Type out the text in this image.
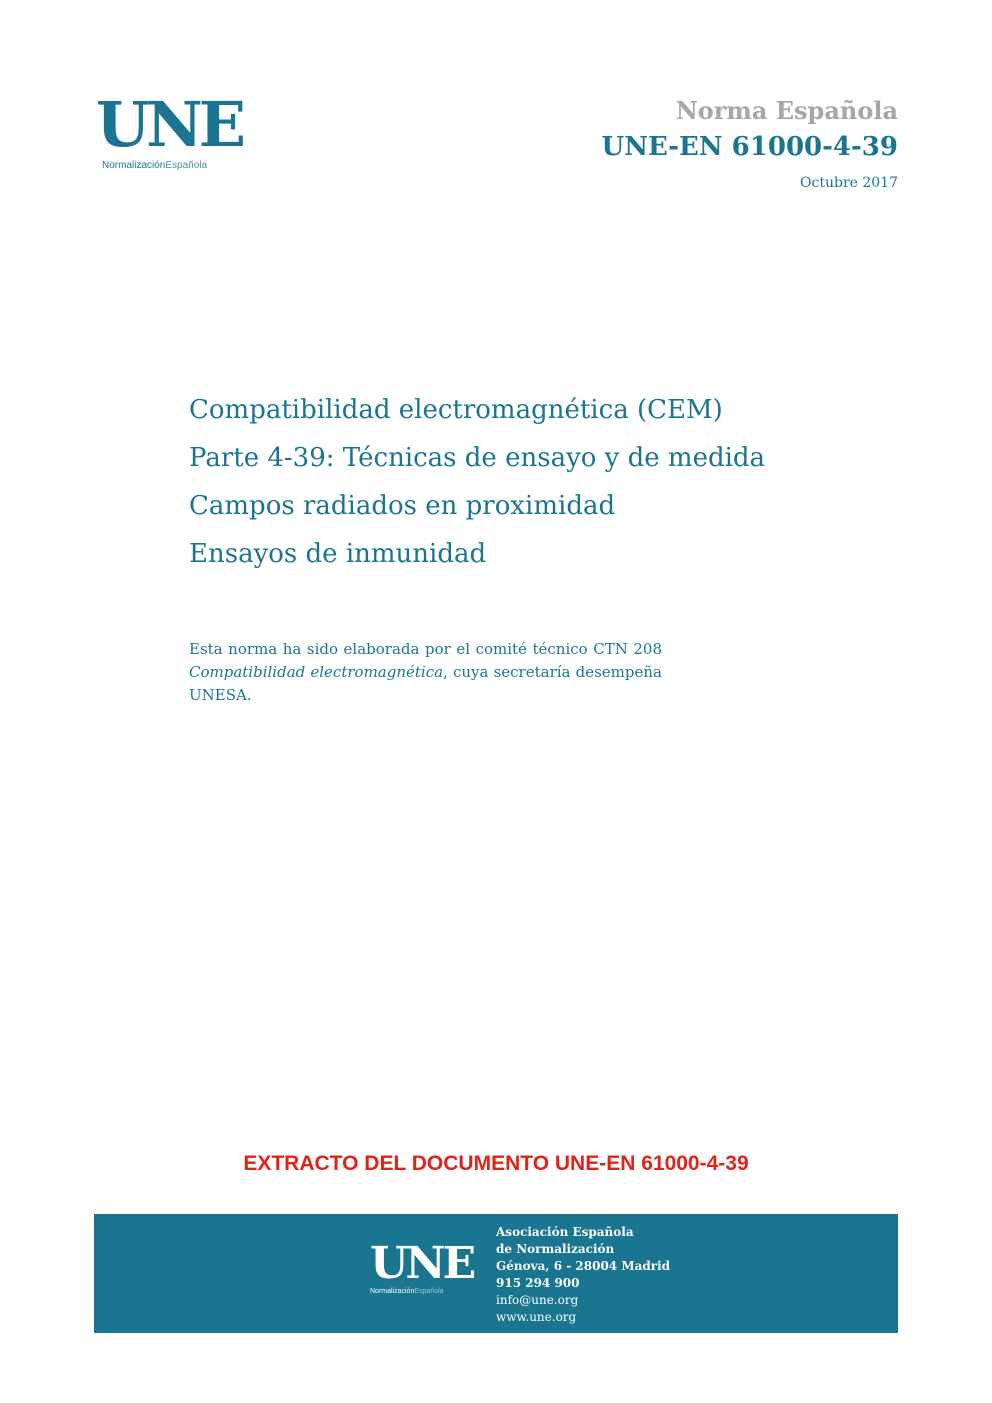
UNE
NormalizaciónEspañola
Norma Española
UNE-EN 61000-4-39
Octubre 2017
Compatibilidad electromagnética (CEM)
Parte 4-39: Técnicas de ensayo y de medida
Campos radiados en proximidad
Ensayos de inmunidad
Esta norma ha sido elaborada por el comité técnico CTN 208 Compatibilidad electromagnética, cuya secretaría desempeña UNESA.
EXTRACTO DEL DOCUMENTO UNE-EN 61000-4-39
UNE
NormalizaciónEspañola
Asociación Española
de Normalización
Génova, 6 - 28004 Madrid
915 294 900
info@une.org
www.une.org
